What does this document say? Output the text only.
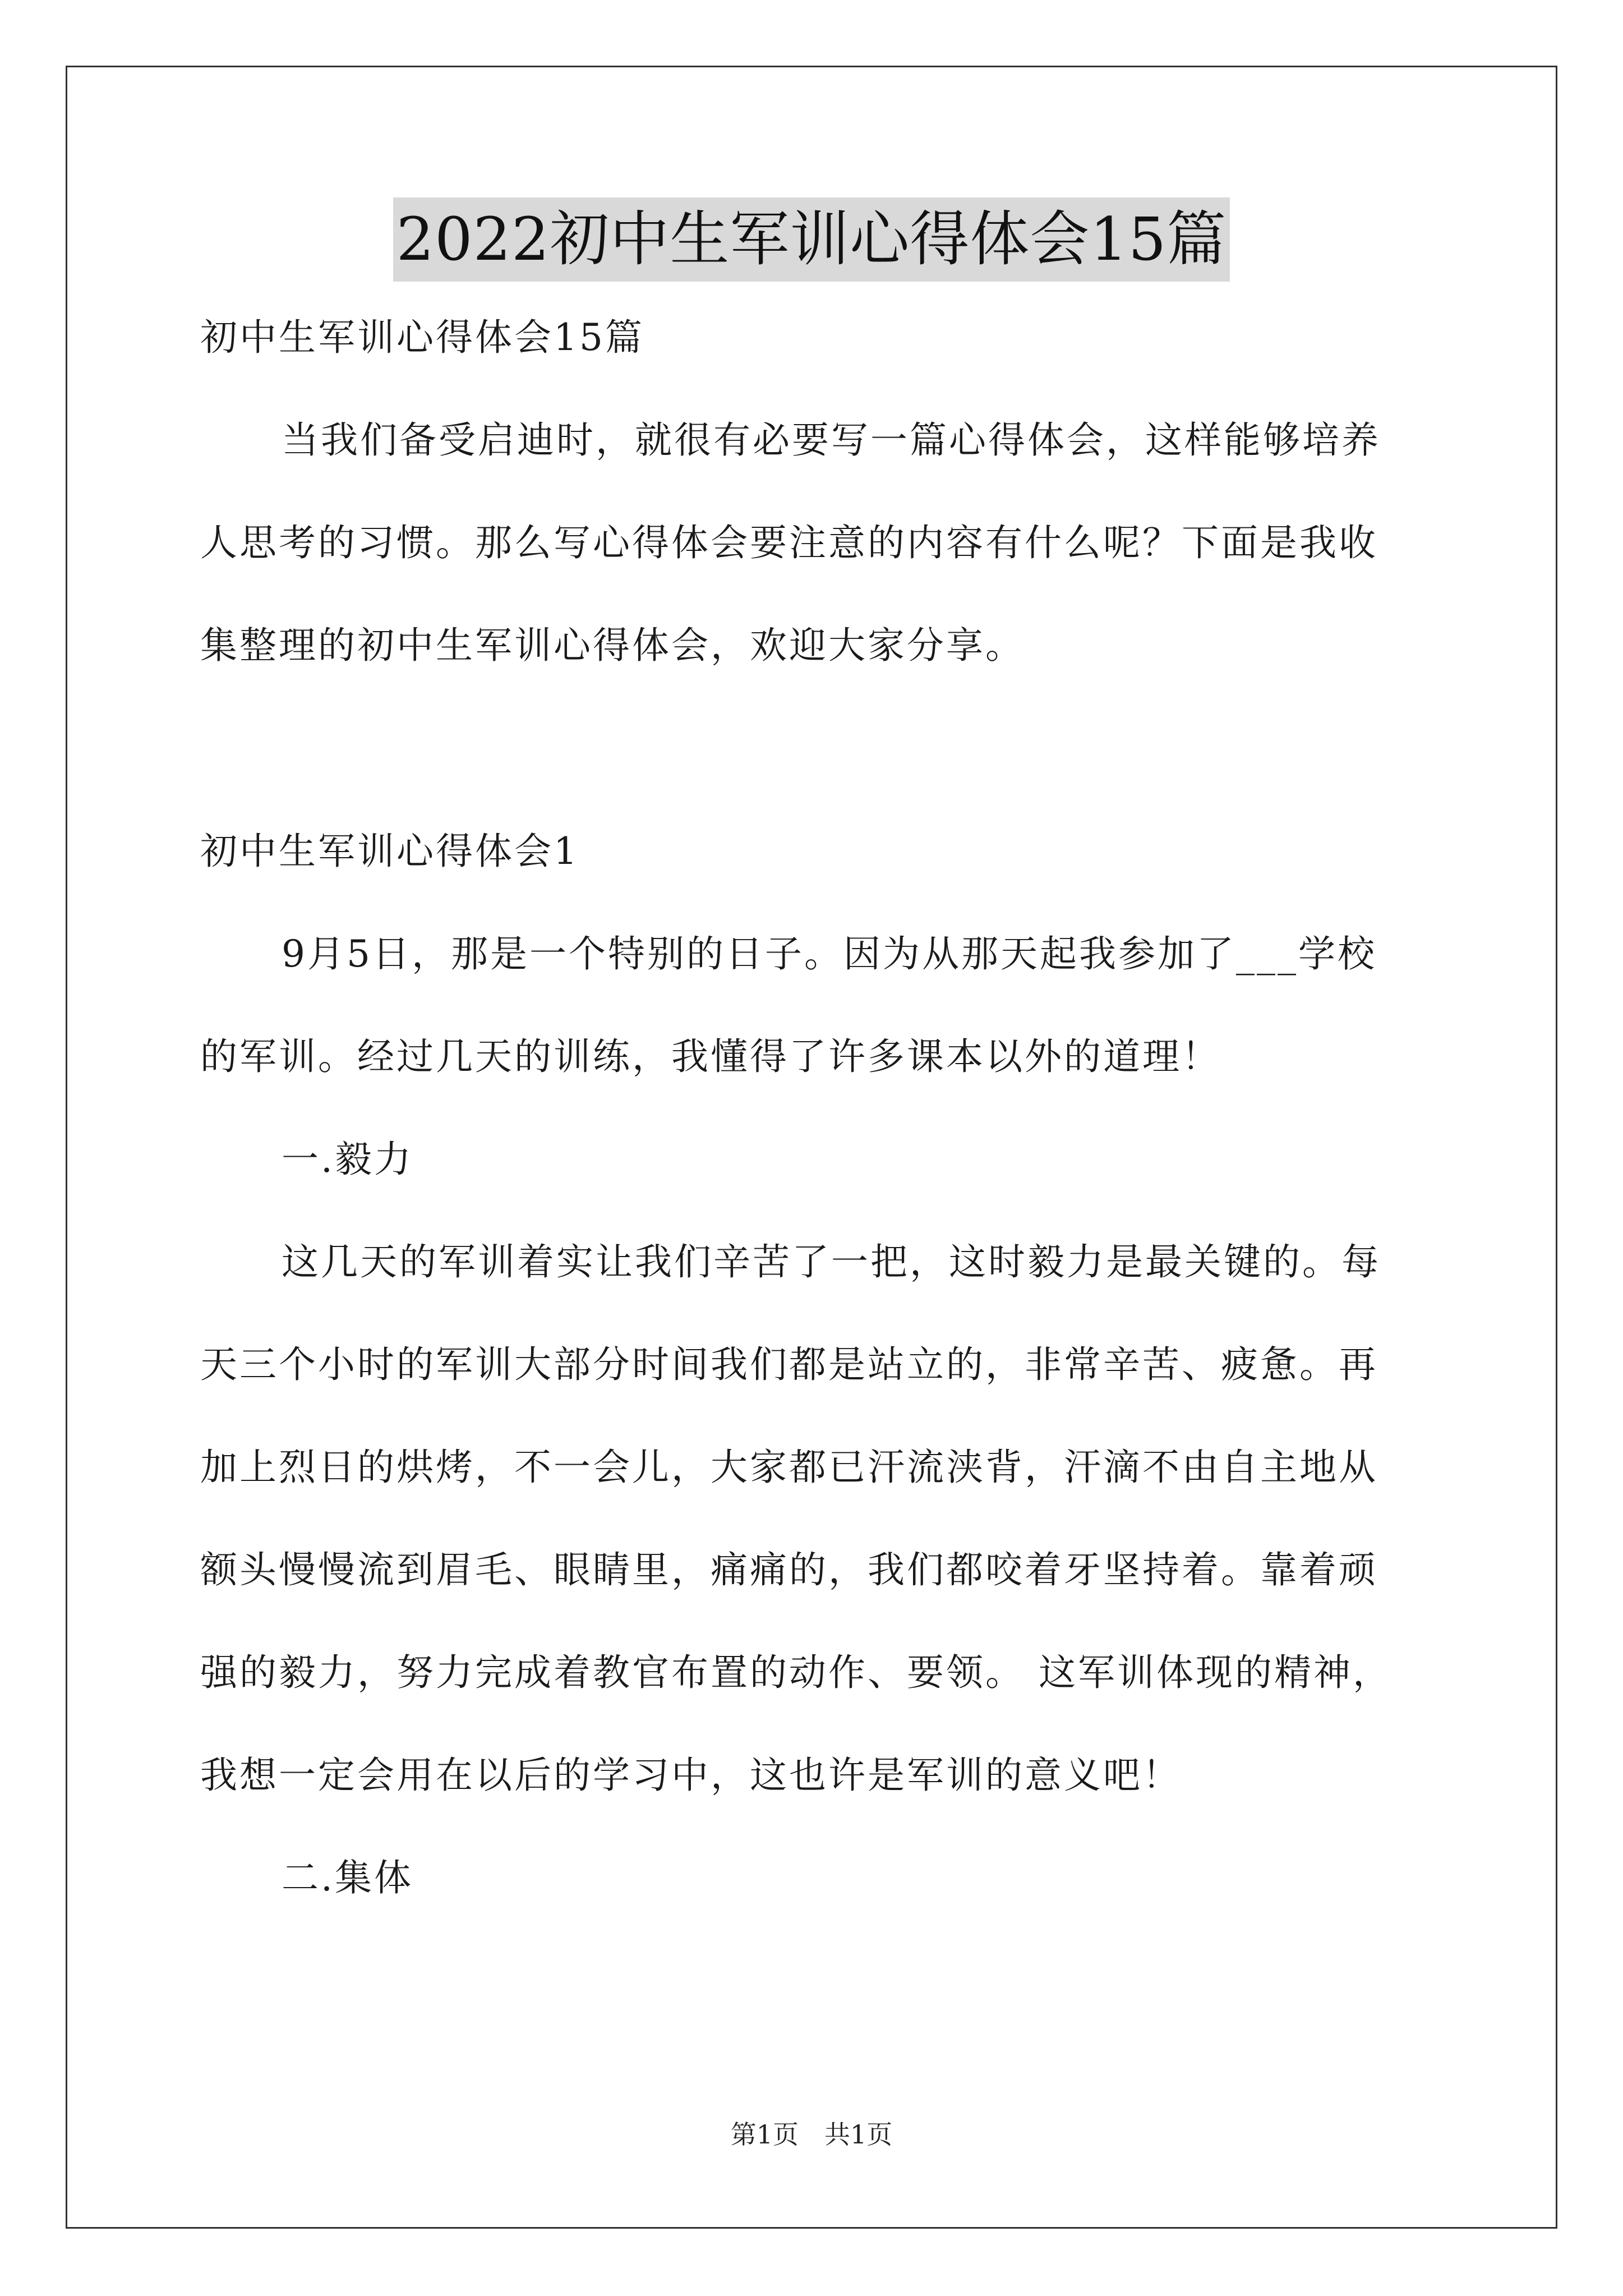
2022初中生军训心得体会15篇
初中生军训心得体会15篇
当我们备受启迪时，就很有必要写一篇心得体会，这样能够培养
人思考的习惯。那么写心得体会要注意的内容有什么呢？下面是我收
集整理的初中生军训心得体会，欢迎大家分享。
初中生军训心得体会1
9月5日，那是一个特别的日子。因为从那天起我参加了___学校
的军训。经过几天的训练，我懂得了许多课本以外的道理！
一.毅力
这几天的军训着实让我们辛苦了一把，这时毅力是最关键的。每
天三个小时的军训大部分时间我们都是站立的，非常辛苦、疲惫。再
加上烈日的烘烤，不一会儿，大家都已汗流浃背，汗滴不由自主地从
额头慢慢流到眉毛、眼睛里，痛痛的，我们都咬着牙坚持着。靠着顽
强的毅力，努力完成着教官布置的动作、要领。 这军训体现的精神，
我想一定会用在以后的学习中，这也许是军训的意义吧！
二.集体
第1页　共1页
